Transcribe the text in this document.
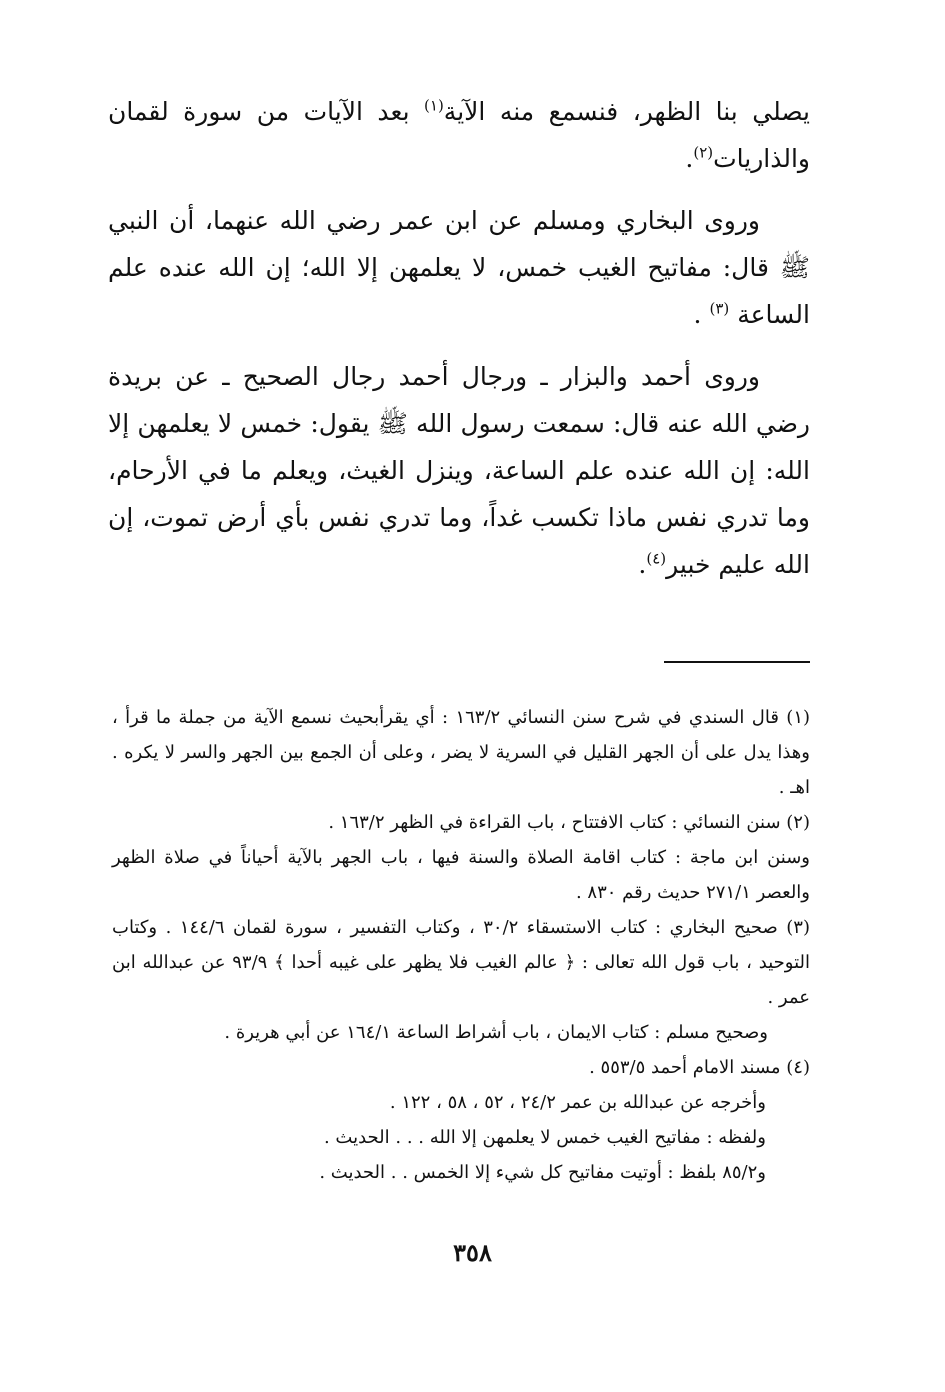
يصلي بنا الظهر، فنسمع منه الآية$^{(١)}$ بعد الآيات من سورة لقمان والذاريات$^{(٢)}$.

وروى البخاري ومسلم عن ابن عمر رضي الله عنهما، أن النبي ﷺ قال: مفاتيح الغيب خمس، لا يعلمهن إلا الله؛ إن الله عنده علم الساعة $^{(٣)}$ .

وروى أحمد والبزار ـ ورجال أحمد رجال الصحيح ـ عن بريدة رضي الله عنه قال: سمعت رسول الله ﷺ يقول: خمس لا يعلمهن إلا الله: إن الله عنده علم الساعة، وينزل الغيث، ويعلم ما في الأرحام، وما تدري نفس ماذا تكسب غداً، وما تدري نفس بأي أرض تموت، إن الله عليم خبير$^{(٤)}$.

(١) قال السندي في شرح سنن النسائي ١٦٣/٢ : أي يقرأبحيث نسمع الآية من جملة ما قرأ ، وهذا يدل على أن الجهر القليل في السرية لا يضر ، وعلى أن الجمع بين الجهر والسر لا يكره . اهـ .

(٢) سنن النسائي : كتاب الافتتاح ، باب القراءة في الظهر ١٦٣/٢ .

وسنن ابن ماجة : كتاب اقامة الصلاة والسنة فيها ، باب الجهر بالآية أحياناً في صلاة الظهر والعصر ٢٧١/١ حديث رقم ٨٣٠ .

(٣) صحيح البخاري : كتاب الاستسقاء ٣٠/٢ ، وكتاب التفسير ، سورة لقمان ١٤٤/٦ . وكتاب التوحيد ، باب قول الله تعالى : ﴿ عالم الغيب فلا يظهر على غيبه أحدا ﴾ ٩٣/٩ عن عبدالله ابن عمر .

وصحيح مسلم : كتاب الايمان ، باب أشراط الساعة ١٦٤/١ عن أبي هريرة .

(٤) مسند الامام أحمد ٥٥٣/٥ .

وأخرجه عن عبدالله بن عمر ٢٤/٢ ، ٥٢ ، ٥٨ ، ١٢٢ .

ولفظه : مفاتيح الغيب خمس لا يعلمهن إلا الله . . . الحديث .

و٨٥/٢ بلفظ : أوتيت مفاتيح كل شيء إلا الخمس . . الحديث .

٣٥٨
